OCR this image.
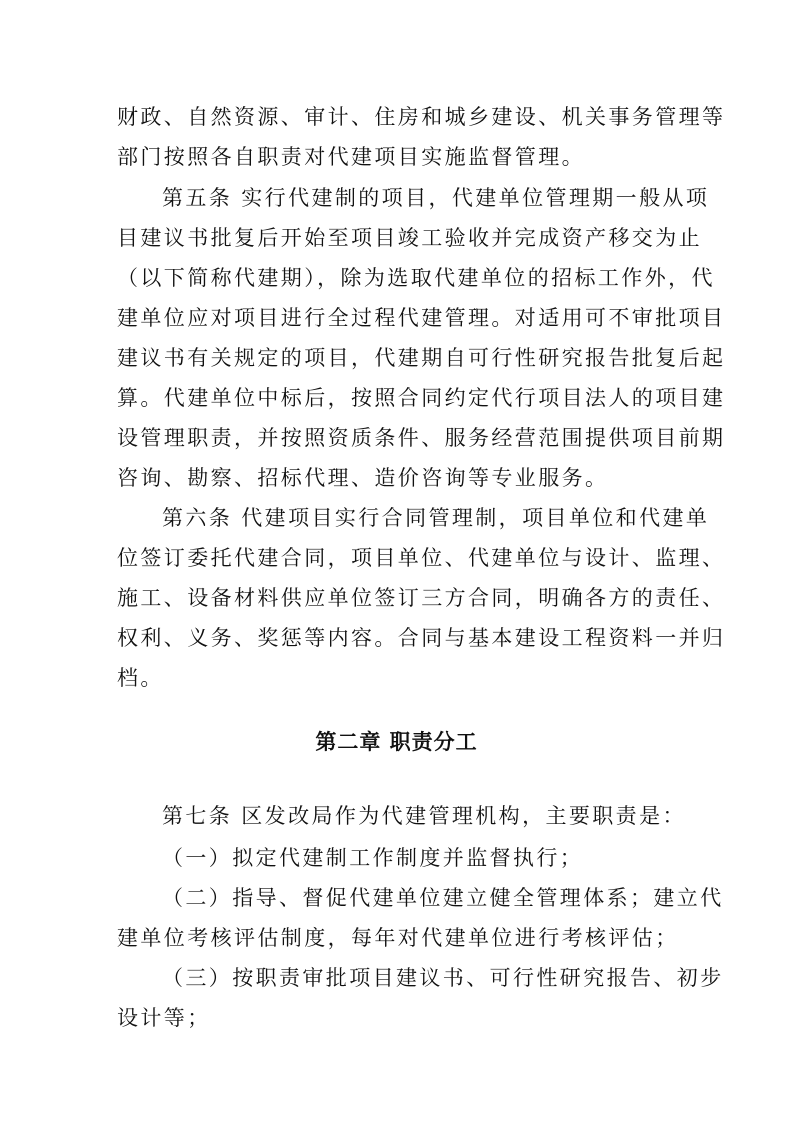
财政、自然资源、审计、住房和城乡建设、机关事务管理等
部门按照各自职责对代建项目实施监督管理。
第五条 实行代建制的项目，代建单位管理期一般从项
目建议书批复后开始至项目竣工验收并完成资产移交为止
（以下简称代建期），除为选取代建单位的招标工作外，代
建单位应对项目进行全过程代建管理。对适用可不审批项目
建议书有关规定的项目，代建期自可行性研究报告批复后起
算。代建单位中标后，按照合同约定代行项目法人的项目建
设管理职责，并按照资质条件、服务经营范围提供项目前期
咨询、勘察、招标代理、造价咨询等专业服务。
第六条 代建项目实行合同管理制，项目单位和代建单
位签订委托代建合同，项目单位、代建单位与设计、监理、
施工、设备材料供应单位签订三方合同，明确各方的责任、
权利、义务、奖惩等内容。合同与基本建设工程资料一并归
档。
第二章 职责分工
第七条 区发改局作为代建管理机构，主要职责是：
（一）拟定代建制工作制度并监督执行；
（二）指导、督促代建单位建立健全管理体系；建立代
建单位考核评估制度，每年对代建单位进行考核评估；
（三）按职责审批项目建议书、可行性研究报告、初步
设计等；
